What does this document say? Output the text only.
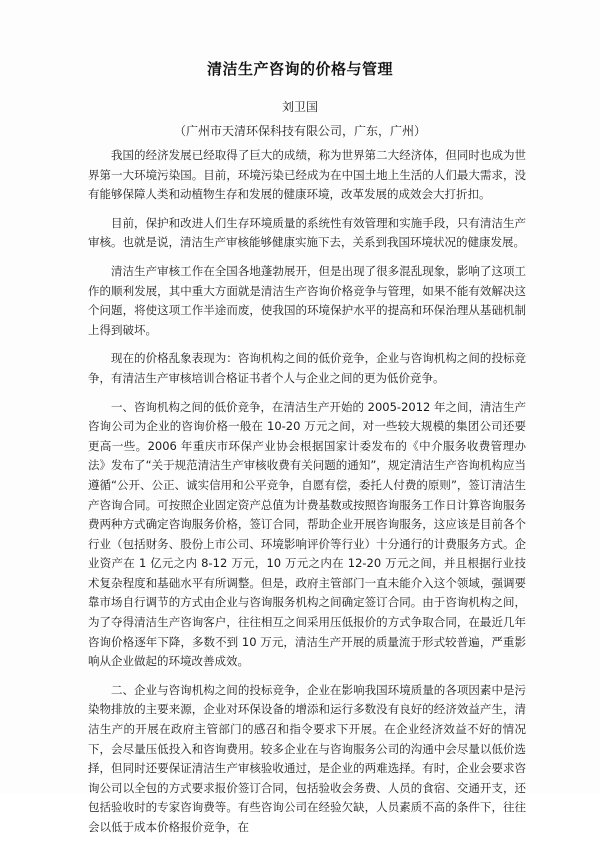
清洁生产咨询的价格与管理
刘卫国
（广州市天清环保科技有限公司，广东，广州）

我国的经济发展已经取得了巨大的成绩，称为世界第二大经济体，但同时也成为世界第一大环境污染国。目前，环境污染已经成为在中国土地上生活的人们最大需求，没有能够保障人类和动植物生存和发展的健康环境，改革发展的成效会大打折扣。

目前，保护和改进人们生存环境质量的系统性有效管理和实施手段，只有清洁生产审核。也就是说，清洁生产审核能够健康实施下去，关系到我国环境状况的健康发展。

清洁生产审核工作在全国各地蓬勃展开，但是出现了很多混乱现象，影响了这项工作的顺利发展，其中重大方面就是清洁生产咨询价格竞争与管理，如果不能有效解决这个问题，将使这项工作半途而废，使我国的环境保护水平的提高和环保治理从基础机制上得到破坏。

现在的价格乱象表现为：咨询机构之间的低价竞争，企业与咨询机构之间的投标竞争，有清洁生产审核培训合格证书者个人与企业之间的更为低价竞争。

一、咨询机构之间的低价竞争，在清洁生产开始的 2005-2012 年之间，清洁生产咨询公司为企业的咨询价格一般在 10-20 万元之间，对一些较大规模的集团公司还要更高一些。2006 年重庆市环保产业协会根据国家计委发布的《中介服务收费管理办法》发布了“关于规范清洁生产审核收费有关问题的通知”，规定清洁生产咨询机构应当遵循“公开、公正、诚实信用和公平竞争，自愿有偿，委托人付费的原则”，签订清洁生产咨询合同。可按照企业固定资产总值为计费基数或按照咨询服务工作日计算咨询服务费两种方式确定咨询服务价格，签订合同，帮助企业开展咨询服务，这应该是目前各个行业（包括财务、股份上市公司、环境影响评价等行业）十分通行的计费服务方式。企业资产在 1 亿元之内 8-12 万元，10 万元之内在 12-20 万元之间，并且根据行业技术复杂程度和基础水平有所调整。但是，政府主管部门一直未能介入这个领域，强调要靠市场自行调节的方式由企业与咨询服务机构之间确定签订合同。由于咨询机构之间，为了夺得清洁生产咨询客户，往往相互之间采用压低报价的方式争取合同，在最近几年咨询价格逐年下降，多数不到 10 万元，清洁生产开展的质量流于形式较普遍，严重影响从企业做起的环境改善成效。

二、企业与咨询机构之间的投标竞争，企业在影响我国环境质量的各项因素中是污染物排放的主要来源，企业对环保设备的增添和运行多数没有良好的经济效益产生，清洁生产的开展在政府主管部门的感召和指令要求下开展。在企业经济效益不好的情况下，会尽量压低投入和咨询费用。较多企业在与咨询服务公司的沟通中会尽量以低价选择，但同时还要保证清洁生产审核验收通过，是企业的两难选择。有时，企业会要求咨询公司以全包的方式要求报价签订合同，包括验收会务费、人员的食宿、交通开支，还包括验收时的专家咨询费等。有些咨询公司在经验欠缺，人员素质不高的条件下，往往会以低于成本价格报价竞争，在
